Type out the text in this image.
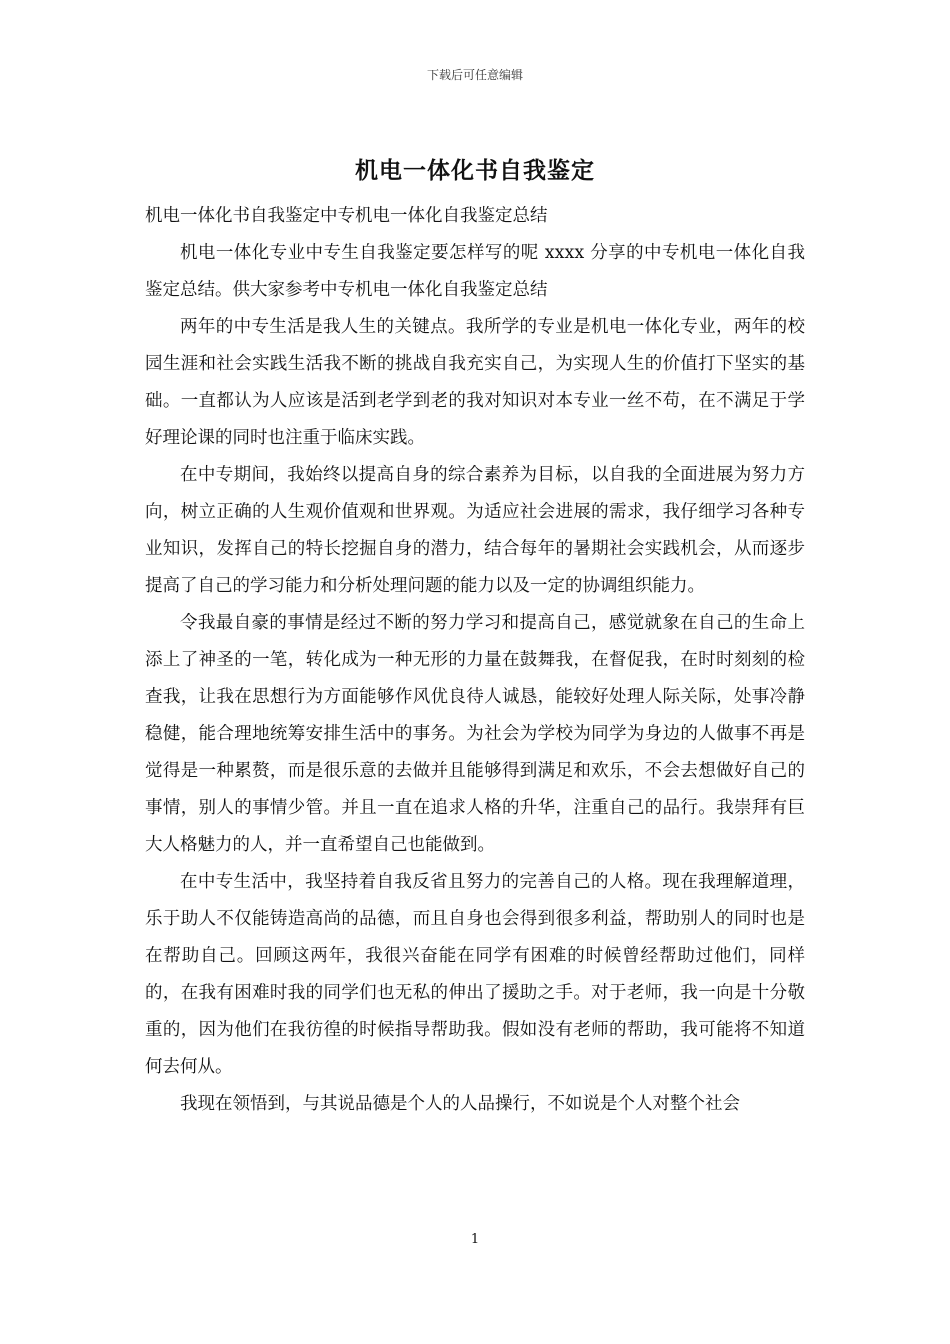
下载后可任意编辑
机电一体化书自我鉴定

机电一体化书自我鉴定中专机电一体化自我鉴定总结

机电一体化专业中专生自我鉴定要怎样写的呢 xxxx 分享的中专机电一体化自我鉴定总结。供大家参考中专机电一体化自我鉴定总结

两年的中专生活是我人生的关键点。我所学的专业是机电一体化专业，两年的校园生涯和社会实践生活我不断的挑战自我充实自己，为实现人生的价值打下坚实的基础。一直都认为人应该是活到老学到老的我对知识对本专业一丝不苟，在不满足于学好理论课的同时也注重于临床实践。

在中专期间，我始终以提高自身的综合素养为目标，以自我的全面进展为努力方向，树立正确的人生观价值观和世界观。为适应社会进展的需求，我仔细学习各种专业知识，发挥自己的特长挖掘自身的潜力，结合每年的暑期社会实践机会，从而逐步提高了自己的学习能力和分析处理问题的能力以及一定的协调组织能力。

令我最自豪的事情是经过不断的努力学习和提高自己，感觉就象在自己的生命上添上了神圣的一笔，转化成为一种无形的力量在鼓舞我，在督促我，在时时刻刻的检查我，让我在思想行为方面能够作风优良待人诚恳，能较好处理人际关际，处事冷静稳健，能合理地统筹安排生活中的事务。为社会为学校为同学为身边的人做事不再是觉得是一种累赘，而是很乐意的去做并且能够得到满足和欢乐，不会去想做好自己的事情，别人的事情少管。并且一直在追求人格的升华，注重自己的品行。我崇拜有巨大人格魅力的人，并一直希望自己也能做到。

在中专生活中，我坚持着自我反省且努力的完善自己的人格。现在我理解道理，乐于助人不仅能铸造高尚的品德，而且自身也会得到很多利益，帮助别人的同时也是在帮助自己。回顾这两年，我很兴奋能在同学有困难的时候曾经帮助过他们，同样的，在我有困难时我的同学们也无私的伸出了援助之手。对于老师，我一向是十分敬重的，因为他们在我彷徨的时候指导帮助我。假如没有老师的帮助，我可能将不知道何去何从。

我现在领悟到，与其说品德是个人的人品操行，不如说是个人对整个社会

1
